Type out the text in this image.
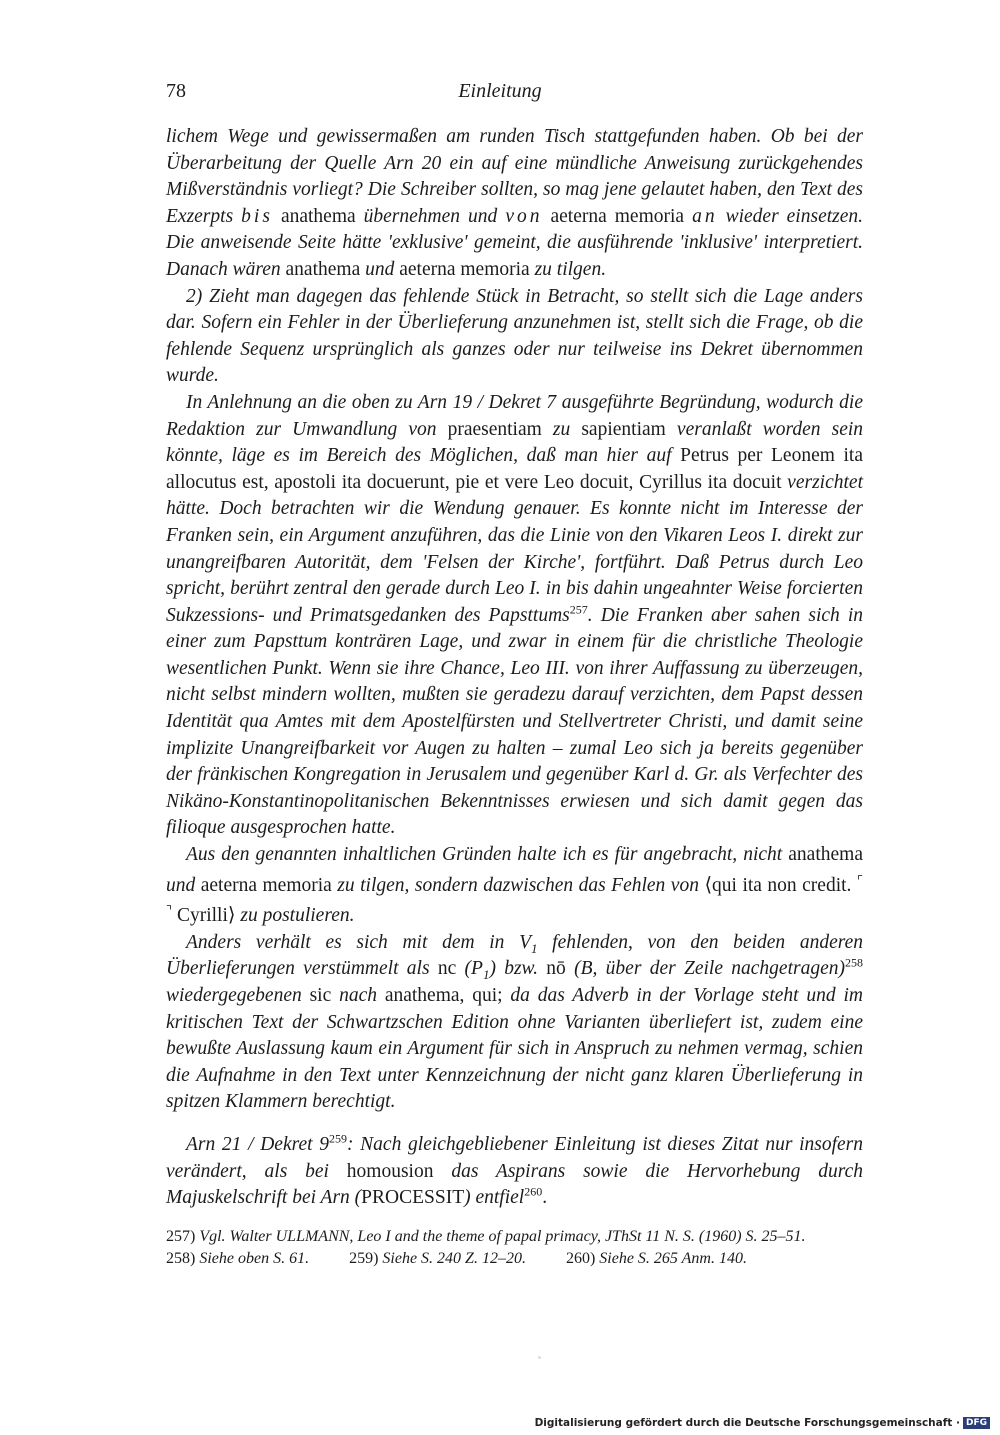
78	Einleitung

lichem Wege und gewissermaßen am runden Tisch stattgefunden haben. Ob bei der Überarbeitung der Quelle Arn 20 ein auf eine mündliche Anweisung zurückgehendes Mißverständnis vorliegt? Die Schreiber sollten, so mag jene gelautet haben, den Text des Exzerpts bis anathema übernehmen und von aeterna memoria an wieder einsetzen. Die anweisende Seite hätte 'exklusive' gemeint, die ausführende 'inklusive' interpretiert. Danach wären anathema und aeterna memoria zu tilgen.

2) Zieht man dagegen das fehlende Stück in Betracht, so stellt sich die Lage anders dar. Sofern ein Fehler in der Überlieferung anzunehmen ist, stellt sich die Frage, ob die fehlende Sequenz ursprünglich als ganzes oder nur teilweise ins Dekret übernommen wurde.

In Anlehnung an die oben zu Arn 19 / Dekret 7 ausgeführte Begründung, wodurch die Redaktion zur Umwandlung von praesentiam zu sapientiam veranlaßt worden sein könnte, läge es im Bereich des Möglichen, daß man hier auf Petrus per Leonem ita allocutus est, apostoli ita docuerunt, pie et vere Leo docuit, Cyrillus ita docuit verzichtet hätte. Doch betrachten wir die Wendung genauer. Es konnte nicht im Interesse der Franken sein, ein Argument anzuführen, das die Linie von den Vikaren Leos I. direkt zur unangreifbaren Autorität, dem 'Felsen der Kirche', fortführt. Daß Petrus durch Leo spricht, berührt zentral den gerade durch Leo I. in bis dahin ungeahnter Weise forcierten Sukzessions- und Primatsgedanken des Papsttums$^{257}$. Die Franken aber sahen sich in einer zum Papsttum konträren Lage, und zwar in einem für die christliche Theologie wesentlichen Punkt. Wenn sie ihre Chance, Leo III. von ihrer Auffassung zu überzeugen, nicht selbst mindern wollten, mußten sie geradezu darauf verzichten, dem Papst dessen Identität qua Amtes mit dem Apostelfürsten und Stellvertreter Christi, und damit seine implizite Unangreifbarkeit vor Augen zu halten – zumal Leo sich ja bereits gegenüber der fränkischen Kongregation in Jerusalem und gegenüber Karl d. Gr. als Verfechter des Nikäno-Konstantinopolitanischen Bekenntnisses erwiesen und sich damit gegen das filioque ausgesprochen hatte.

Aus den genannten inhaltlichen Gründen halte ich es für angebracht, nicht anathema und aeterna memoria zu tilgen, sondern dazwischen das Fehlen von ⟨qui ita non credit. ⌜ ⌝ Cyrilli⟩ zu postulieren.

Anders verhält es sich mit dem in $V_1$ fehlenden, von den beiden anderen Überlieferungen verstümmelt als nc $(P_1)$ bzw. nō (B, über der Zeile nachgetragen)$^{258}$ wiedergegebenen sic nach anathema, qui; da das Adverb in der Vorlage steht und im kritischen Text der Schwartzschen Edition ohne Varianten überliefert ist, zudem eine bewußte Auslassung kaum ein Argument für sich in Anspruch zu nehmen vermag, schien die Aufnahme in den Text unter Kennzeichnung der nicht ganz klaren Überlieferung in spitzen Klammern berechtigt.

Arn 21 / Dekret $9^{259}$: Nach gleichgebliebener Einleitung ist dieses Zitat nur insofern verändert, als bei homousion das Aspirans sowie die Hervorhebung durch Majuskelschrift bei Arn (PROCESSIT) entfiel$^{260}$.

257) Vgl. Walter ULLMANN, Leo I and the theme of papal primacy, JThSt 11 N. S. (1960) S. 25–51.
258) Siehe oben S. 61.	259) Siehe S. 240 Z. 12–20.	260) Siehe S. 265 Anm. 140.
Digitalisierung gefördert durch die Deutsche Forschungsgemeinschaft · DFG
